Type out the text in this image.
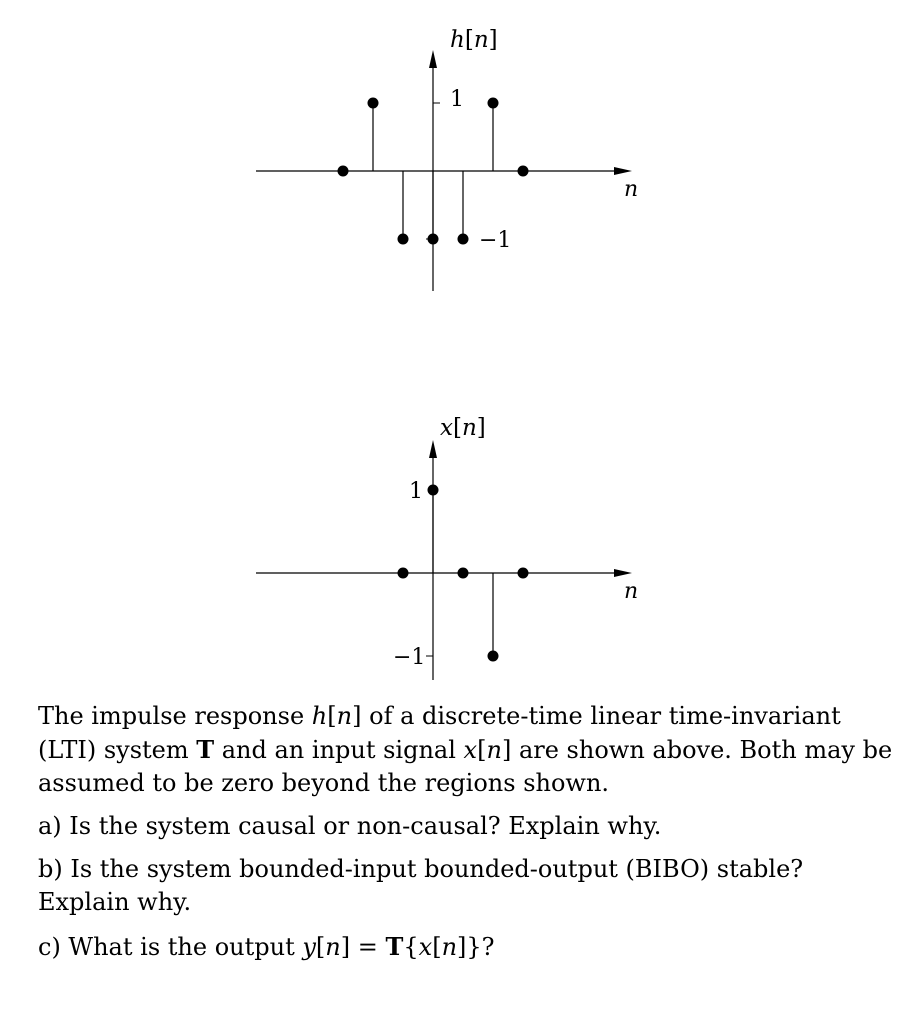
1
−1
h[n]
n
1
−1
x[n]
n

The impulse response h[n] of a discrete-time linear time-invariant (LTI) system T and an input signal x[n] are shown above. Both may be assumed to be zero beyond the regions shown.

a) Is the system causal or non-causal? Explain why.

b) Is the system bounded-input bounded-output (BIBO) stable? Explain why.

c) What is the output y[n] = T{x[n]}?
